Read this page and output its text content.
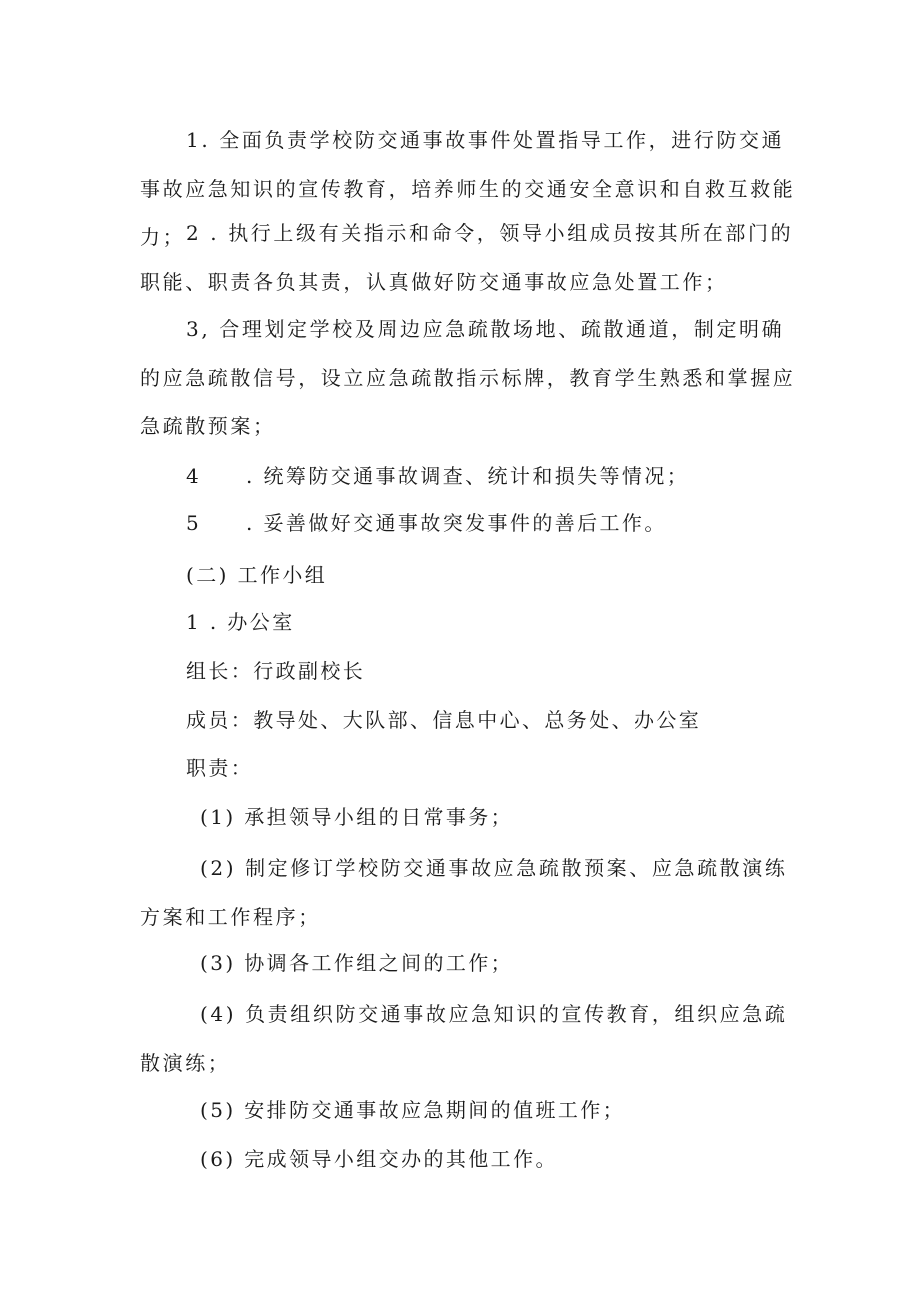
1. 全面负责学校防交通事故事件处置指导工作，进行防交通事故应急知识的宣传教育，培养师生的交通安全意识和自救互救能力； 2 . 执行上级有关指示和命令，领导小组成员按其所在部门的职能、职责各负其责，认真做好防交通事故应急处置工作；

3, 合理划定学校及周边应急疏散场地、疏散通道，制定明确的应急疏散信号，设立应急疏散指示标牌，教育学生熟悉和掌握应急疏散预案；

4 . 统筹防交通事故调查、统计和损失等情况；
5 . 妥善做好交通事故突发事件的善后工作。
(二) 工作小组
1 . 办公室
组长：行政副校长
成员：教导处、大队部、信息中心、总务处、办公室
职责：
(1) 承担领导小组的日常事务；

(2) 制定修订学校防交通事故应急疏散预案、应急疏散演练方案和工作程序；

(3) 协调各工作组之间的工作；

(4) 负责组织防交通事故应急知识的宣传教育，组织应急疏散演练；

(5) 安排防交通事故应急期间的值班工作；
(6) 完成领导小组交办的其他工作。
